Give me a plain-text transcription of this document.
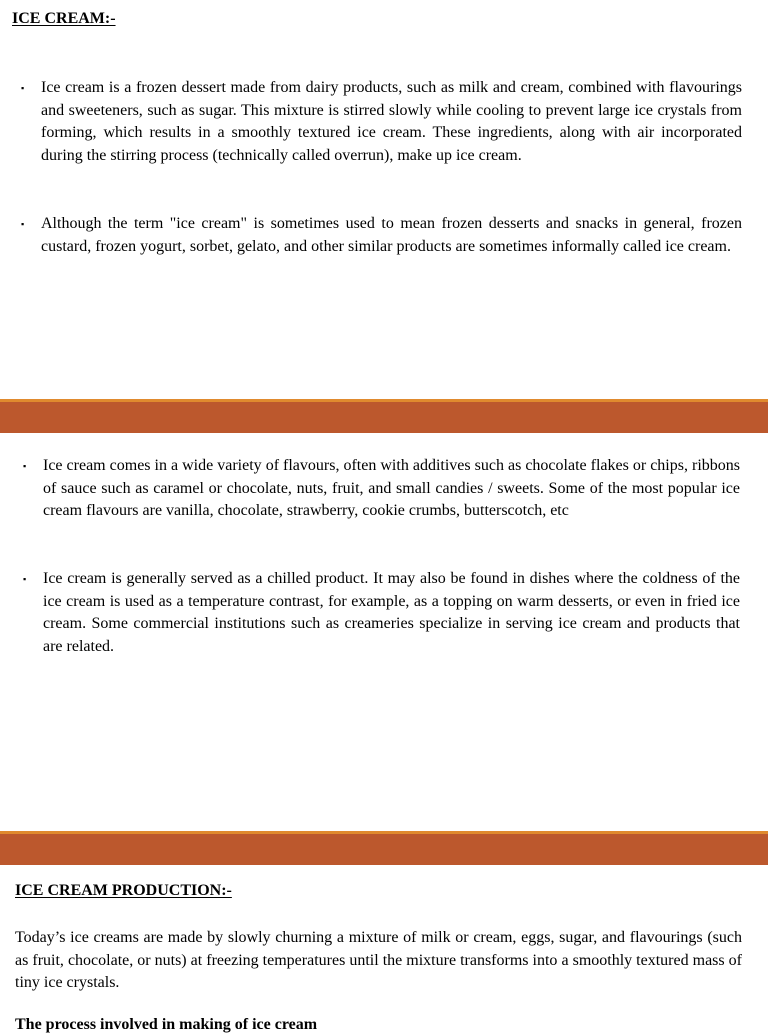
ICE CREAM:-
▪ Ice cream is a frozen dessert made from dairy products, such as milk and cream, combined with flavourings and sweeteners, such as sugar. This mixture is stirred slowly while cooling to prevent large ice crystals from forming, which results in a smoothly textured ice cream. These ingredients, along with air incorporated during the stirring process (technically called overrun), make up ice cream.
▪ Although the term "ice cream" is sometimes used to mean frozen desserts and snacks in general, frozen custard, frozen yogurt, sorbet, gelato, and other similar products are sometimes informally called ice cream.
▪ Ice cream comes in a wide variety of flavours, often with additives such as chocolate flakes or chips, ribbons of sauce such as caramel or chocolate, nuts, fruit, and small candies / sweets. Some of the most popular ice cream flavours are vanilla, chocolate, strawberry, cookie crumbs, butterscotch, etc
▪ Ice cream is generally served as a chilled product. It may also be found in dishes where the coldness of the ice cream is used as a temperature contrast, for example, as a topping on warm desserts, or even in fried ice cream. Some commercial institutions such as creameries specialize in serving ice cream and products that are related.
ICE CREAM PRODUCTION:-
Today’s ice creams are made by slowly churning a mixture of milk or cream, eggs, sugar, and flavourings (such as fruit, chocolate, or nuts) at freezing temperatures until the mixture transforms into a smoothly textured mass of tiny ice crystals.
The process involved in making of ice cream
